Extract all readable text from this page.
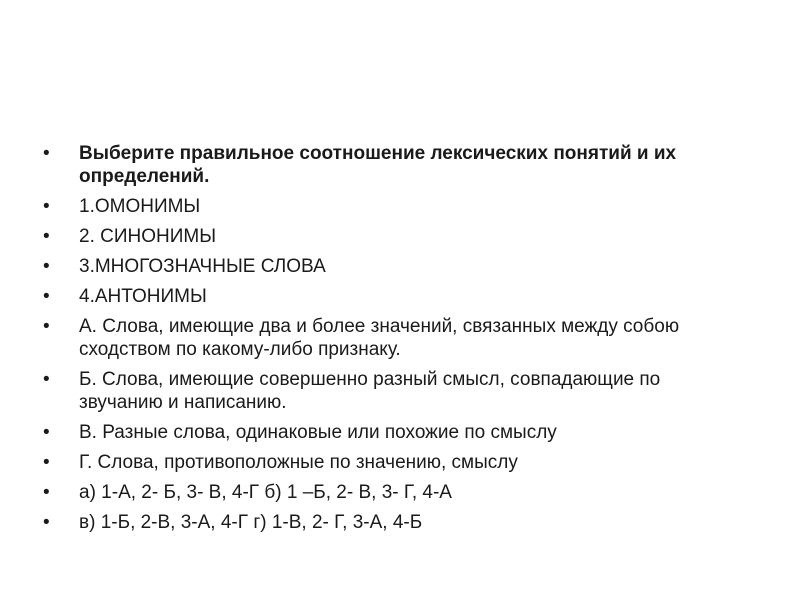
•	Выберите правильное соотношение лексических понятий и их определений.
•	1.ОМОНИМЫ
•	2. СИНОНИМЫ
•	3.МНОГОЗНАЧНЫЕ СЛОВА
•	4.АНТОНИМЫ
•	А. Слова, имеющие два и более значений, связанных между собою сходством по какому-либо признаку.
•	Б. Слова, имеющие совершенно разный смысл, совпадающие по звучанию и написанию.
•	В. Разные слова, одинаковые или похожие по смыслу
•	Г. Слова, противоположные по значению, смыслу
•	а) 1-А, 2- Б, 3- В, 4-Г б) 1 –Б, 2- В, 3- Г, 4-А
•	в) 1-Б, 2-В, 3-А, 4-Г г) 1-В, 2- Г, 3-А, 4-Б
